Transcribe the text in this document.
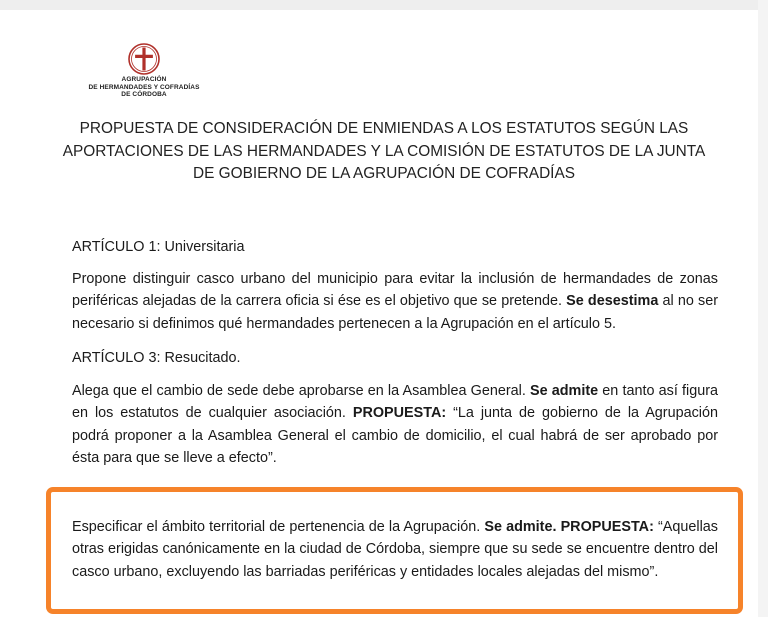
AGRUPACIÓN
DE HERMANDADES Y COFRADÍAS
DE CÓRDOBA
PROPUESTA DE CONSIDERACIÓN DE ENMIENDAS A LOS ESTATUTOS SEGÚN LAS
APORTACIONES DE LAS HERMANDADES Y LA COMISIÓN DE ESTATUTOS DE LA JUNTA
DE GOBIERNO DE LA AGRUPACIÓN DE COFRADÍAS
ARTÍCULO 1: Universitaria
Propone distinguir casco urbano del municipio para evitar la inclusión de hermandades de zonas periféricas alejadas de la carrera oficia si ése es el objetivo que se pretende. Se desestima al no ser necesario si definimos qué hermandades pertenecen a la Agrupación en el artículo 5.
ARTÍCULO 3: Resucitado.
Alega que el cambio de sede debe aprobarse en la Asamblea General. Se admite en tanto así figura en los estatutos de cualquier asociación. PROPUESTA: “La junta de gobierno de la Agrupación podrá proponer a la Asamblea General el cambio de domicilio, el cual habrá de ser aprobado por ésta para que se lleve a efecto”.
Especificar el ámbito territorial de pertenencia de la Agrupación. Se admite. PROPUESTA: “Aquellas otras erigidas canónicamente en la ciudad de Córdoba, siempre que su sede se encuentre dentro del casco urbano, excluyendo las barriadas periféricas y entidades locales alejadas del mismo”.
